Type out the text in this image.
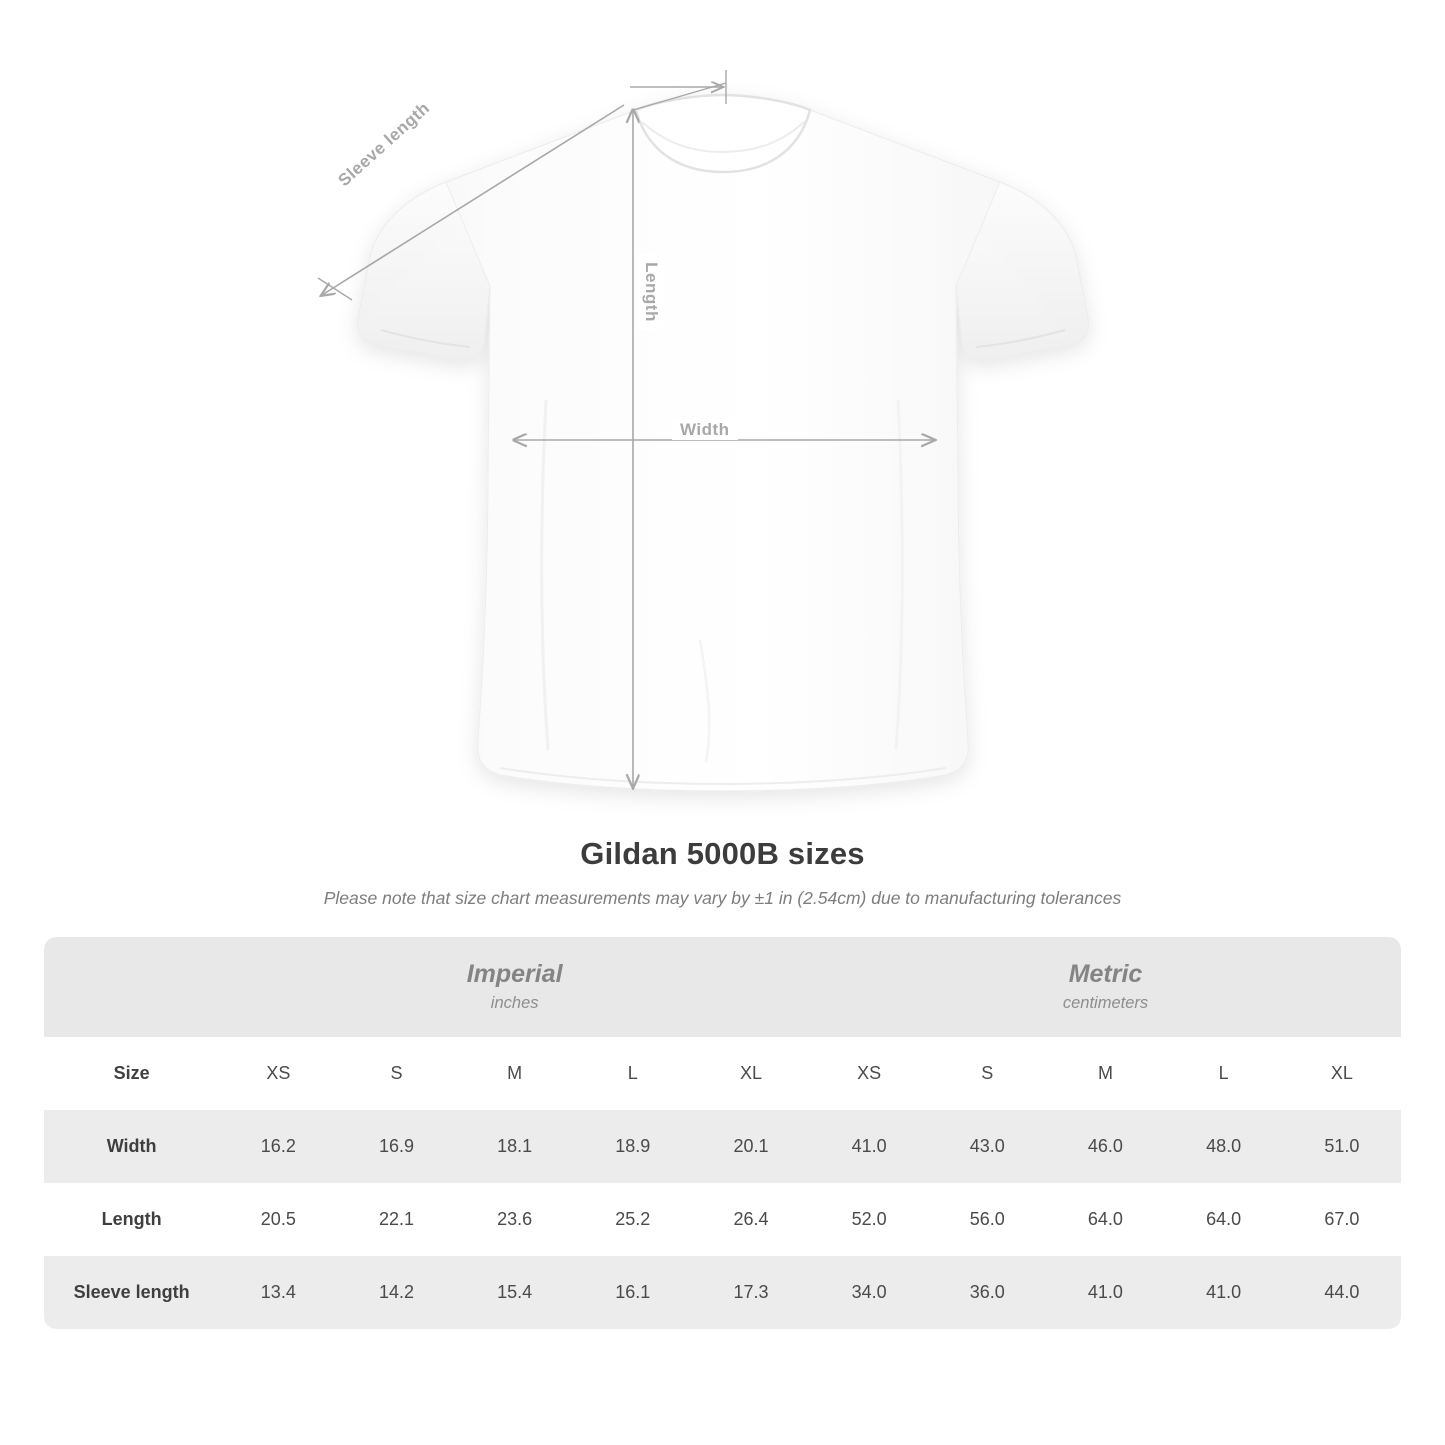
Width
Length
Sleeve length
Gildan 5000B sizes

Please note that size chart measurements may vary by ±1 in (2.54cm) due to manufacturing tolerances

Imperial
inches

Metric
centimeters

Size	XS	S	M	L	XL	XS	S	M	L	XL
Width	16.2	16.9	18.1	18.9	20.1	41.0	43.0	46.0	48.0	51.0
Length	20.5	22.1	23.6	25.2	26.4	52.0	56.0	64.0	64.0	67.0
Sleeve length	13.4	14.2	15.4	16.1	17.3	34.0	36.0	41.0	41.0	44.0
